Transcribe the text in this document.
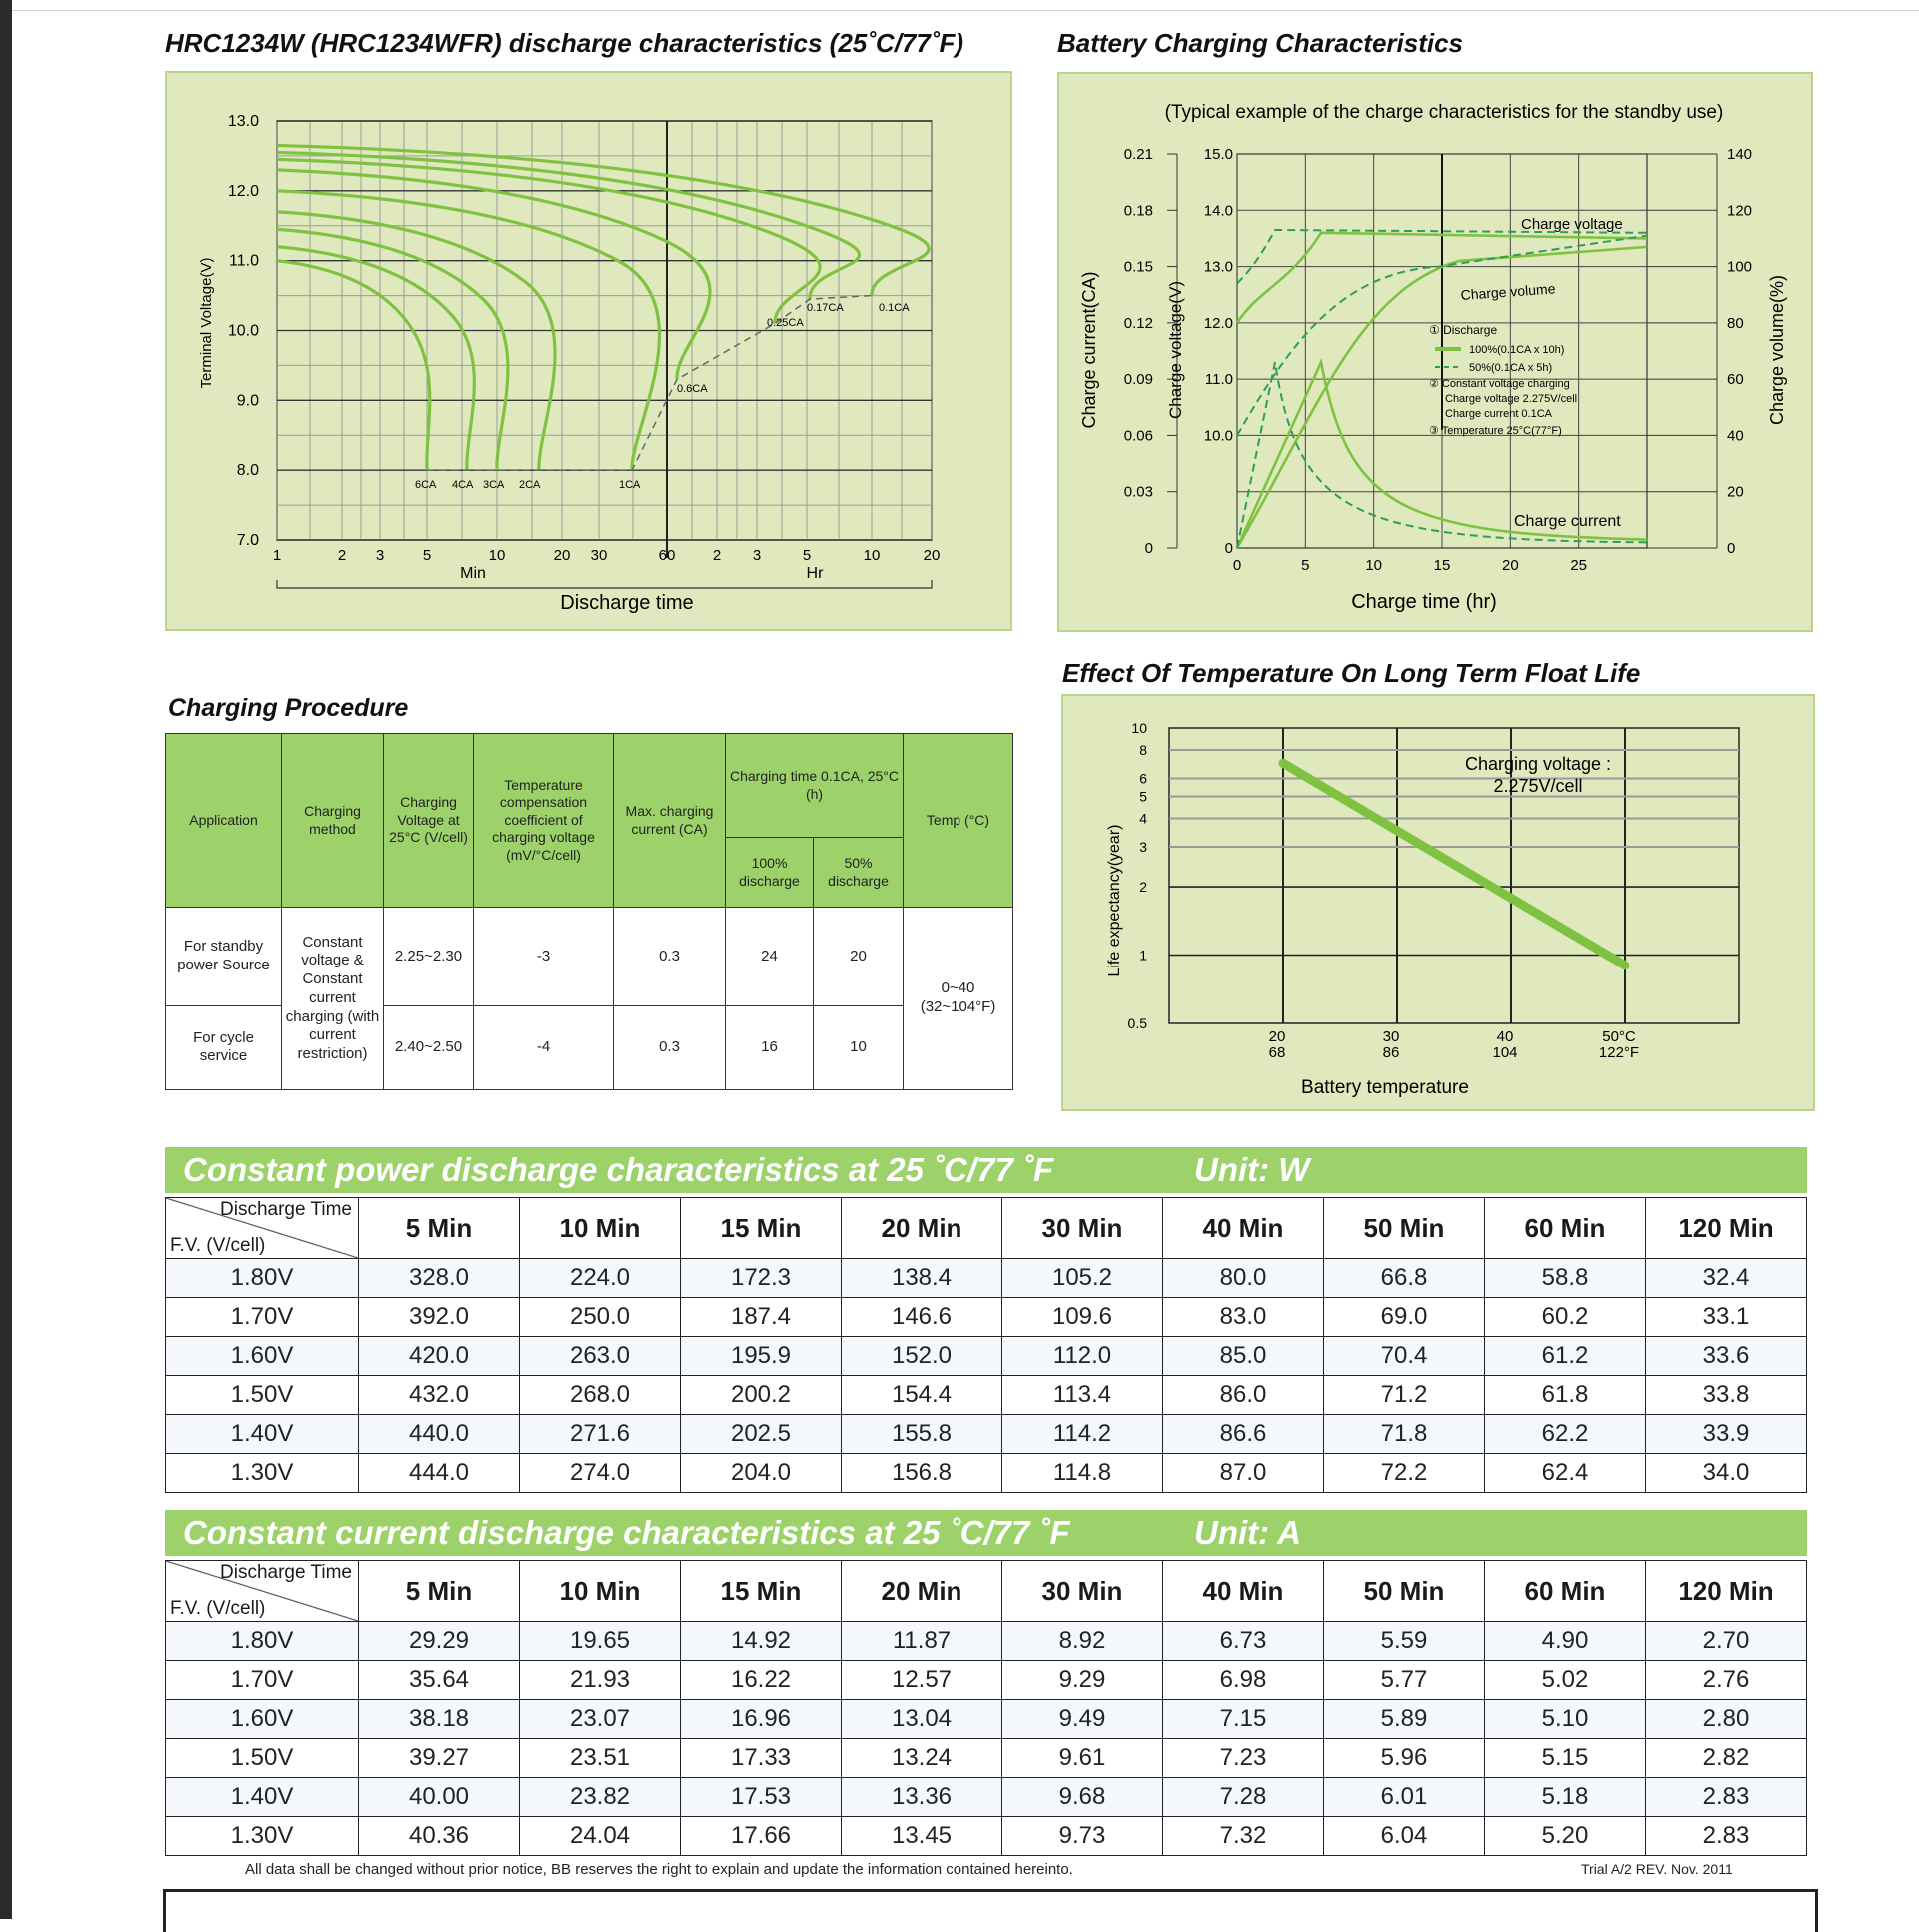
HRC1234W (HRC1234WFR) discharge characteristics (25˚C/77˚F)
13.0
12.0
11.0
10.0
9.0
8.0
7.0
1	2 3	5	10	20 30	60 2 3	5	10	20
6CA 4CA 3CA 2CA	1CA
0.6CA
0.25CA
0.17CA	0.1CA
Terminal Voltage(V)
Min	Hr
Discharge time
Battery Charging Characteristics
(Typical example of the charge characteristics for the standby use)
0.21
0.18
0.15
0.12
0.09
0.06
0.03
0
15.0
14.0
13.0
12.0
11.0
10.0
0
140
120
100
80
60
40
20
0
0	5	10	15	20	25
Charge current(CA)	Charge voltage(V)	Charge volume(%)
Charge voltage
Charge volume
Charge current
① Discharge
100%(0.1CA x 10h)
50%(0.1CA x 5h)
② Constant voltage charging
Charge voltage 2.275V/cell
Charge current 0.1CA
③ Temperature 25°C(77°F)
Charge time (hr)
Effect Of Temperature On Long Term Float Life
10
8
6
5
4
3
2
1
0.5
20
68
30
86
40
104
50°C
122°F
Life expectancy(year)
Charging voltage :
2.275V/cell
Battery temperature
Charging Procedure
Application	Charging method	Charging Voltage at 25°C (V/cell)	Temperature compensation coefficient of charging voltage (mV/°C/cell)	Max. charging current (CA)	Charging time 0.1CA, 25°C (h)		Temp (°C)
					100% discharge	50% discharge	
For standby power Source	Constant voltage & Constant current charging (with current restriction)	2.25~2.30	-3	0.3	24	20	0~40 (32~104°F)
For cycle service		2.40~2.50	-4	0.3	16	10	
Constant power discharge characteristics at 25 ˚C/77 ˚F	Unit: W
Discharge Time
F.V. (V/cell)	5 Min	10 Min	15 Min	20 Min	30 Min	40 Min	50 Min	60 Min	120 Min
1.80V	328.0	224.0	172.3	138.4	105.2	80.0	66.8	58.8	32.4
1.70V	392.0	250.0	187.4	146.6	109.6	83.0	69.0	60.2	33.1
1.60V	420.0	263.0	195.9	152.0	112.0	85.0	70.4	61.2	33.6
1.50V	432.0	268.0	200.2	154.4	113.4	86.0	71.2	61.8	33.8
1.40V	440.0	271.6	202.5	155.8	114.2	86.6	71.8	62.2	33.9
1.30V	444.0	274.0	204.0	156.8	114.8	87.0	72.2	62.4	34.0
Constant current discharge characteristics at 25 ˚C/77 ˚F	Unit: A
Discharge Time
F.V. (V/cell)	5 Min	10 Min	15 Min	20 Min	30 Min	40 Min	50 Min	60 Min	120 Min
1.80V	29.29	19.65	14.92	11.87	8.92	6.73	5.59	4.90	2.70
1.70V	35.64	21.93	16.22	12.57	9.29	6.98	5.77	5.02	2.76
1.60V	38.18	23.07	16.96	13.04	9.49	7.15	5.89	5.10	2.80
1.50V	39.27	23.51	17.33	13.24	9.61	7.23	5.96	5.15	2.82
1.40V	40.00	23.82	17.53	13.36	9.68	7.28	6.01	5.18	2.83
1.30V	40.36	24.04	17.66	13.45	9.73	7.32	6.04	5.20	2.83
All data shall be changed without prior notice, BB reserves the right to explain and update the information contained hereinto.	Trial A/2 REV. Nov. 2011
